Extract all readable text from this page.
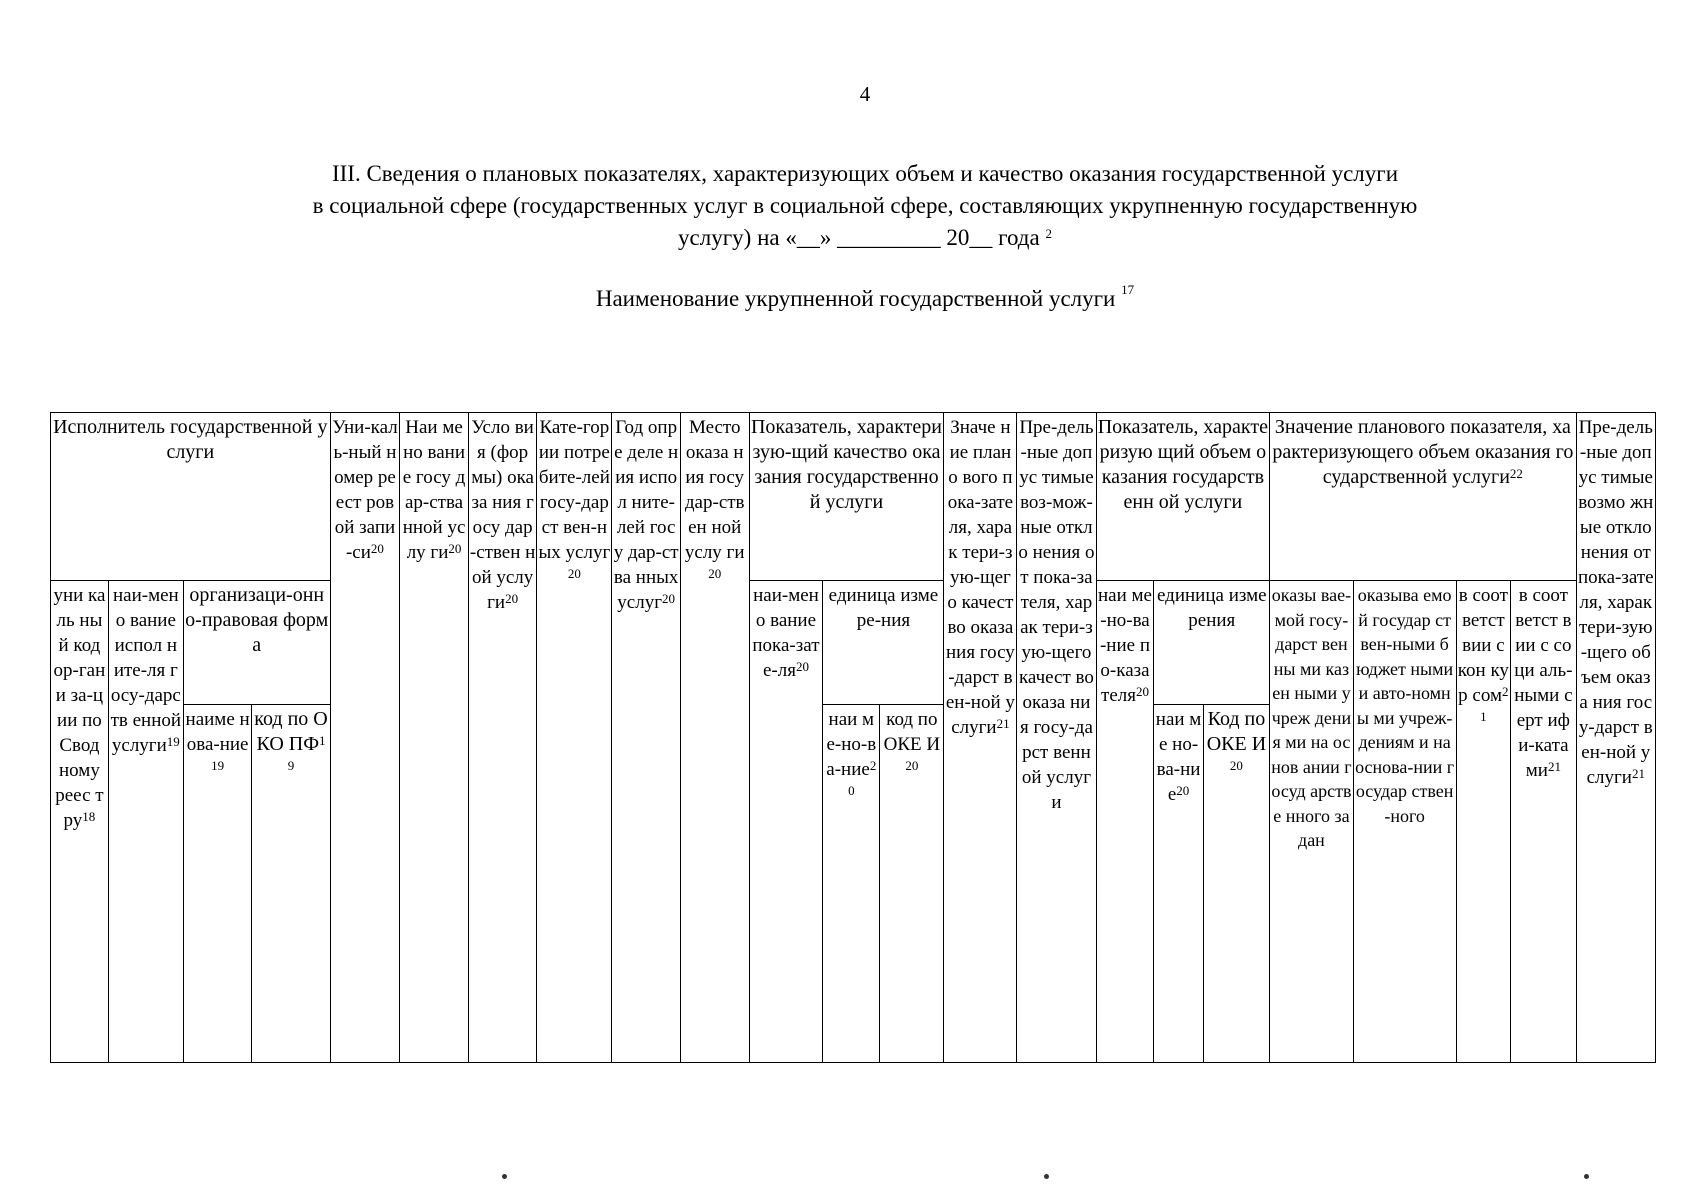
4
III. Сведения о плановых показателях, характеризующих объем и качество оказания государственной услуги
в социальной сфере (государственных услуг в социальной сфере, составляющих укрупненную государственную
услугу) на «__» _________ 20__ года $^2$
Наименование укрупненной государственной услуги $^{17}$
Исполнитель государственной услуги				Уни-каль-ный номер реест ровой запи-$си^{20}$	Наи мено вание госу дар-ства нной услу $ги^{20}$	Усло вия (фор мы) оказа ния госу дар-ствен ной услу $ги^{20}$	Кате-гории потре бите-лей госу-дарст вен-ных услуг$^{20}$	Год опре деле ния испол ните-лей госу дар-ства нных услуг$^{20}$	Место оказа ния госу дар-ствен ной услу $ги^{20}$	Показатель, характеризую-щий качество оказания государственной услуги			Значе ние плано вого пока-зателя, харак тери-зую-щего качест во оказа ния госу-дарст вен-ной услуги$^{21}$	Пре-дель-ные допус тимые воз-мож-ные откло нения от пока-зателя, харак тери-зую-щего качест во оказа ния госу-дарст венной услуги	Показатель, характеризую щий объем оказания государственн ой услуги			Значение планового показателя, характеризующего объем оказания государственной услуги$^{22}$				Пре-дель-ные допус тимые возмо жные откло нения от пока-зателя, харак тери-зую-щего объем оказа ния госу-дарст вен-ной услуги$^{21}$
уни каль ный код ор-гани за-ции по Свод ному реес тру$^{18}$	наи-мено вание испол ните-ля госу-дарств енной услуги$^{19}$	организаци-онно-правовая форма								наи-мено вание пока-$зате-ля^{20}$	единица измере-ния				наи ме-но-ва-ние по-каза теля$^{20}$	единица измерения		оказы вае-мой госу-дарст венны ми казен ными учреж дения ми на основ ании госуд арстве нного задан	оказыва емой государ ствен-ными бюджет ными и авто-номны ми учреж-дениям и на основа-нии государ ствен-ного	в соот ветст вии с кон кур сом$^{21}$	в соот ветст вии с соци аль-ными серт ифи-ката $ми^{21}$
		наиме нова-ние$^{19}$	код по ОКО ПФ$^{19}$								наи ме-но-ва-ние$^{20}$	код по ОКЕ $И^{20}$				наи ме но-ва-ние$^{20}$	Код по ОКЕ $И^{20}$
